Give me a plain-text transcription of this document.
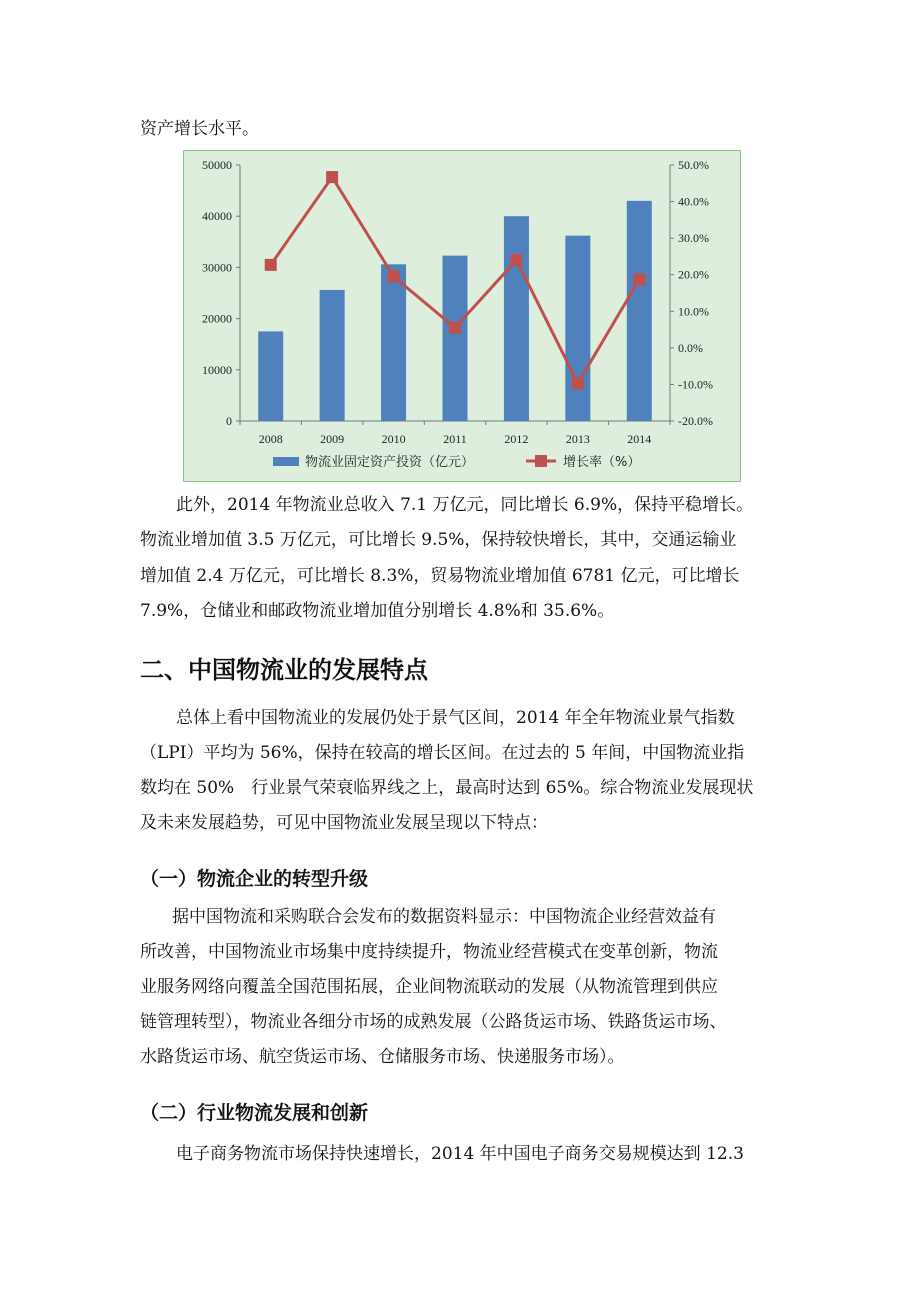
资产增长水平。
0
10000
20000
30000
40000
50000
-20.0%
-10.0%
0.0%
10.0%
20.0%
30.0%
40.0%
50.0%
2008	2009	2010	2011	2012	2013	2014
物流业固定资产投资（亿元）	增长率（%）
此外，2014 年物流业总收入 7.1 万亿元，同比增长 6.9%，保持平稳增长。
物流业增加值 3.5 万亿元，可比增长 9.5%，保持较快增长，其中，交通运输业
增加值 2.4 万亿元，可比增长 8.3%，贸易物流业增加值 6781 亿元，可比增长
7.9%，仓储业和邮政物流业增加值分别增长 4.8%和 35.6%。
二、中国物流业的发展特点
总体上看中国物流业的发展仍处于景气区间，2014 年全年物流业景气指数
（LPI）平均为 56%，保持在较高的增长区间。在过去的 5 年间，中国物流业指
数均在 50%　行业景气荣衰临界线之上，最高时达到 65%。综合物流业发展现状
及未来发展趋势，可见中国物流业发展呈现以下特点：
（一）物流企业的转型升级
据中国物流和采购联合会发布的数据资料显示：中国物流企业经营效益有
所改善，中国物流业市场集中度持续提升，物流业经营模式在变革创新，物流
业服务网络向覆盖全国范围拓展，企业间物流联动的发展（从物流管理到供应
链管理转型），物流业各细分市场的成熟发展（公路货运市场、铁路货运市场、
水路货运市场、航空货运市场、仓储服务市场、快递服务市场）。
（二）行业物流发展和创新
电子商务物流市场保持快速增长，2014 年中国电子商务交易规模达到 12.3
